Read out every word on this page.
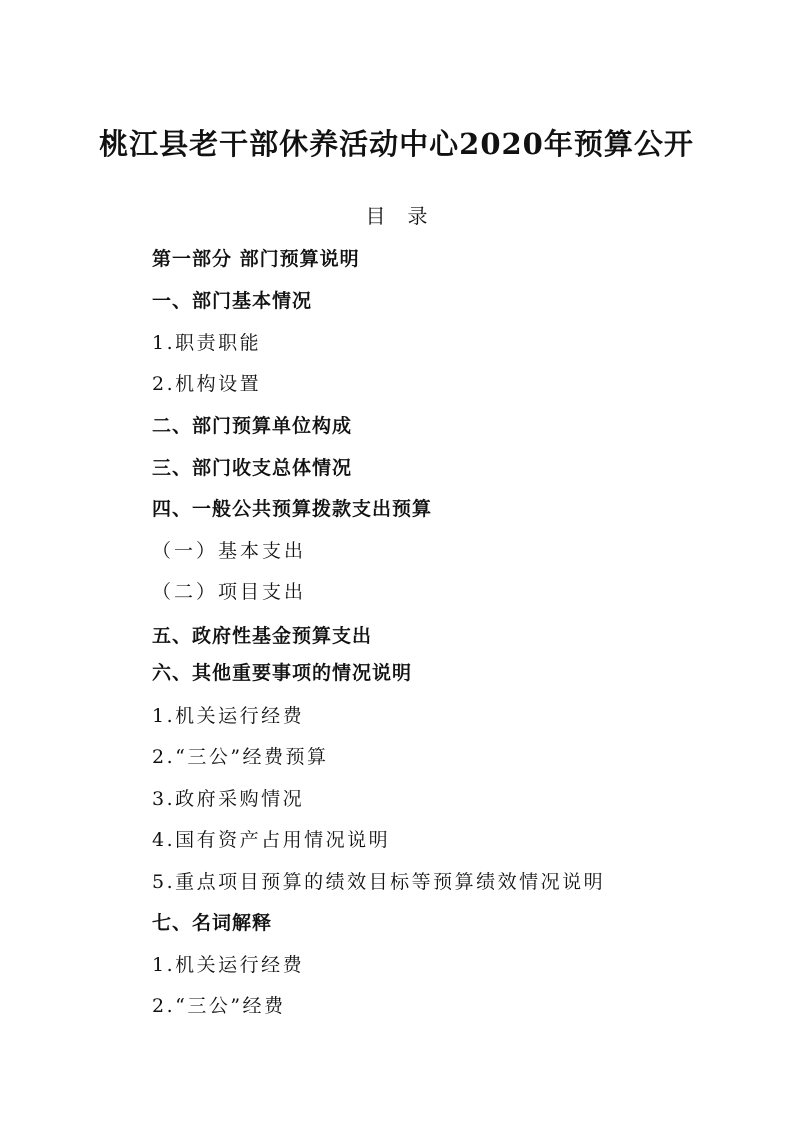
桃江县老干部休养活动中心2020年预算公开
目录
第一部分 部门预算说明
一、部门基本情况
1.职责职能
2.机构设置
二、部门预算单位构成
三、部门收支总体情况
四、一般公共预算拨款支出预算
（一）基本支出
（二）项目支出
五、政府性基金预算支出
六、其他重要事项的情况说明
1.机关运行经费
2.“三公”经费预算
3.政府采购情况
4.国有资产占用情况说明
5.重点项目预算的绩效目标等预算绩效情况说明
七、名词解释
1.机关运行经费
2.“三公”经费
